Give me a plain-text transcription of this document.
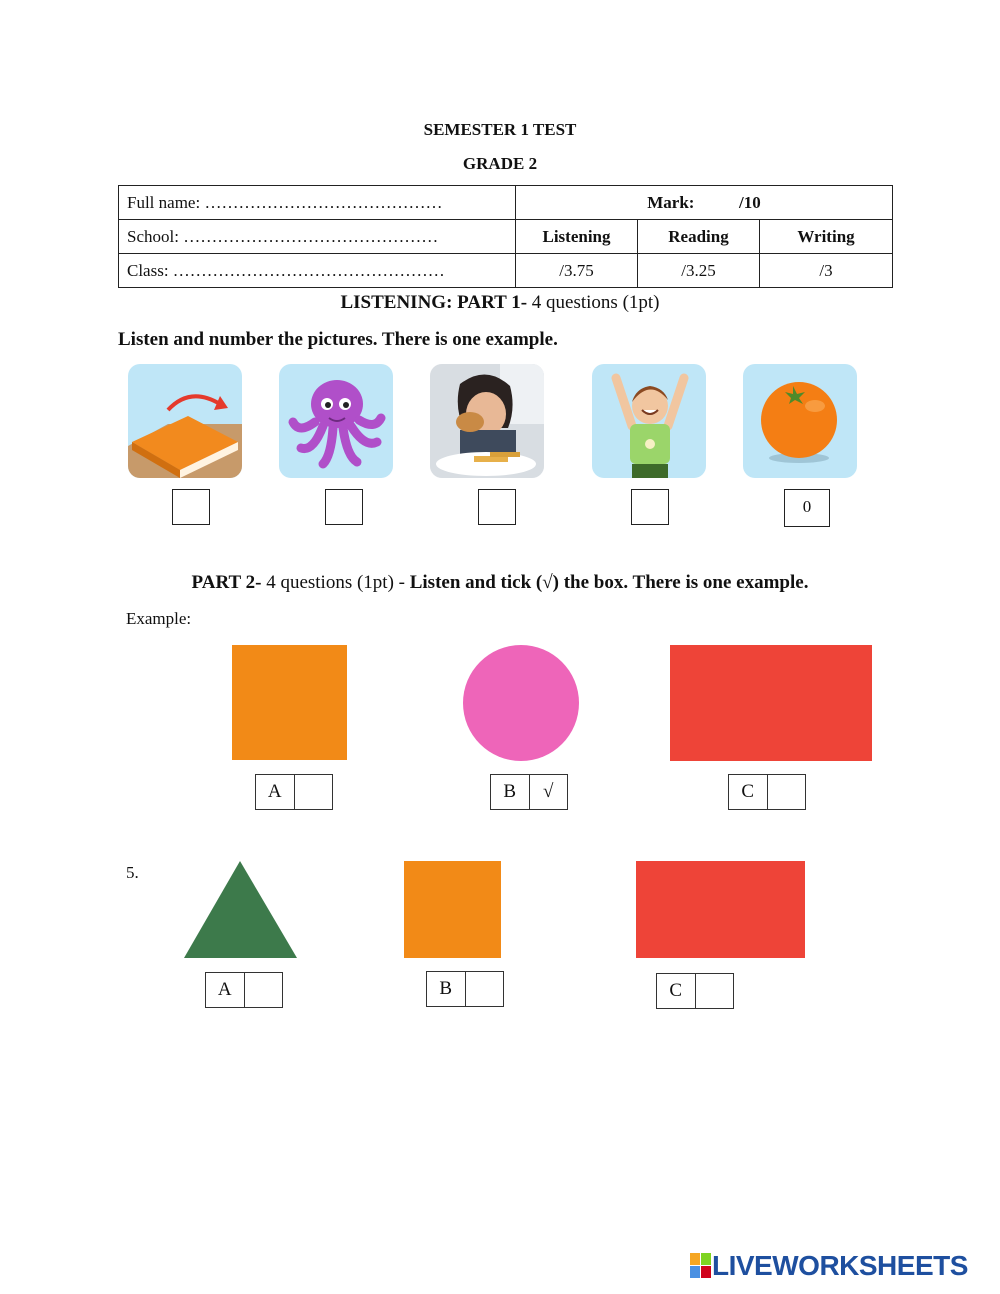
SEMESTER 1 TEST
GRADE 2
Full name: ……………………………………	Mark: /10		
School: ………………………………………	Listening	Reading	Writing
Class: …………………………………………	/3.75	/3.25	/3
LISTENING: PART 1- 4 questions (1pt)
Listen and number the pictures. There is one example.
0
PART 2- 4 questions (1pt) - Listen and tick (√) the box. There is one example.
Example:
A	B	√	C
5.
A	B	C
LIVEWORKSHEETS
